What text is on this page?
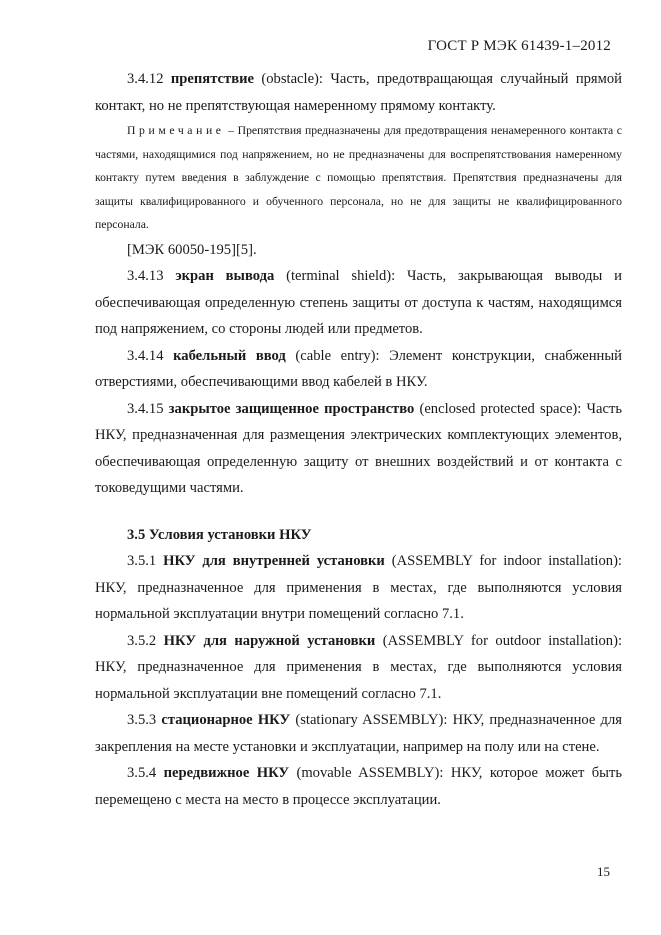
ГОСТ Р МЭК 61439-1–2012

3.4.12 препятствие (obstacle): Часть, предотвращающая случайный прямой контакт, но не препятствующая намеренному прямому контакту.

Примечание – Препятствия предназначены для предотвращения ненамеренного контакта с частями, находящимися под напряжением, но не предназначены для воспрепятствования намеренному контакту путем введения в заблуждение с помощью препятствия. Препятствия предназначены для защиты квалифицированного и обученного персонала, но не для защиты не квалифицированного персонала.

[МЭК 60050-195][5].

3.4.13 экран вывода (terminal shield): Часть, закрывающая выводы и обеспечивающая определенную степень защиты от доступа к частям, находящимся под напряжением, со стороны людей или предметов.

3.4.14 кабельный ввод (cable entry): Элемент конструкции, снабженный отверстиями, обеспечивающими ввод кабелей в НКУ.

3.4.15 закрытое защищенное пространство (enclosed protected space): Часть НКУ, предназначенная для размещения электрических комплектующих элементов, обеспечивающая определенную защиту от внешних воздействий и от контакта с токоведущими частями.

3.5 Условия установки НКУ

3.5.1 НКУ для внутренней установки (ASSEMBLY for indoor installation): НКУ, предназначенное для применения в местах, где выполняются условия нормальной эксплуатации внутри помещений согласно 7.1.

3.5.2 НКУ для наружной установки (ASSEMBLY for outdoor installation): НКУ, предназначенное для применения в местах, где выполняются условия нормальной эксплуатации вне помещений согласно 7.1.

3.5.3 стационарное НКУ (stationary ASSEMBLY): НКУ, предназначенное для закрепления на месте установки и эксплуатации, например на полу или на стене.

3.5.4 передвижное НКУ (movable ASSEMBLY): НКУ, которое может быть перемещено с места на место в процессе эксплуатации.

15
